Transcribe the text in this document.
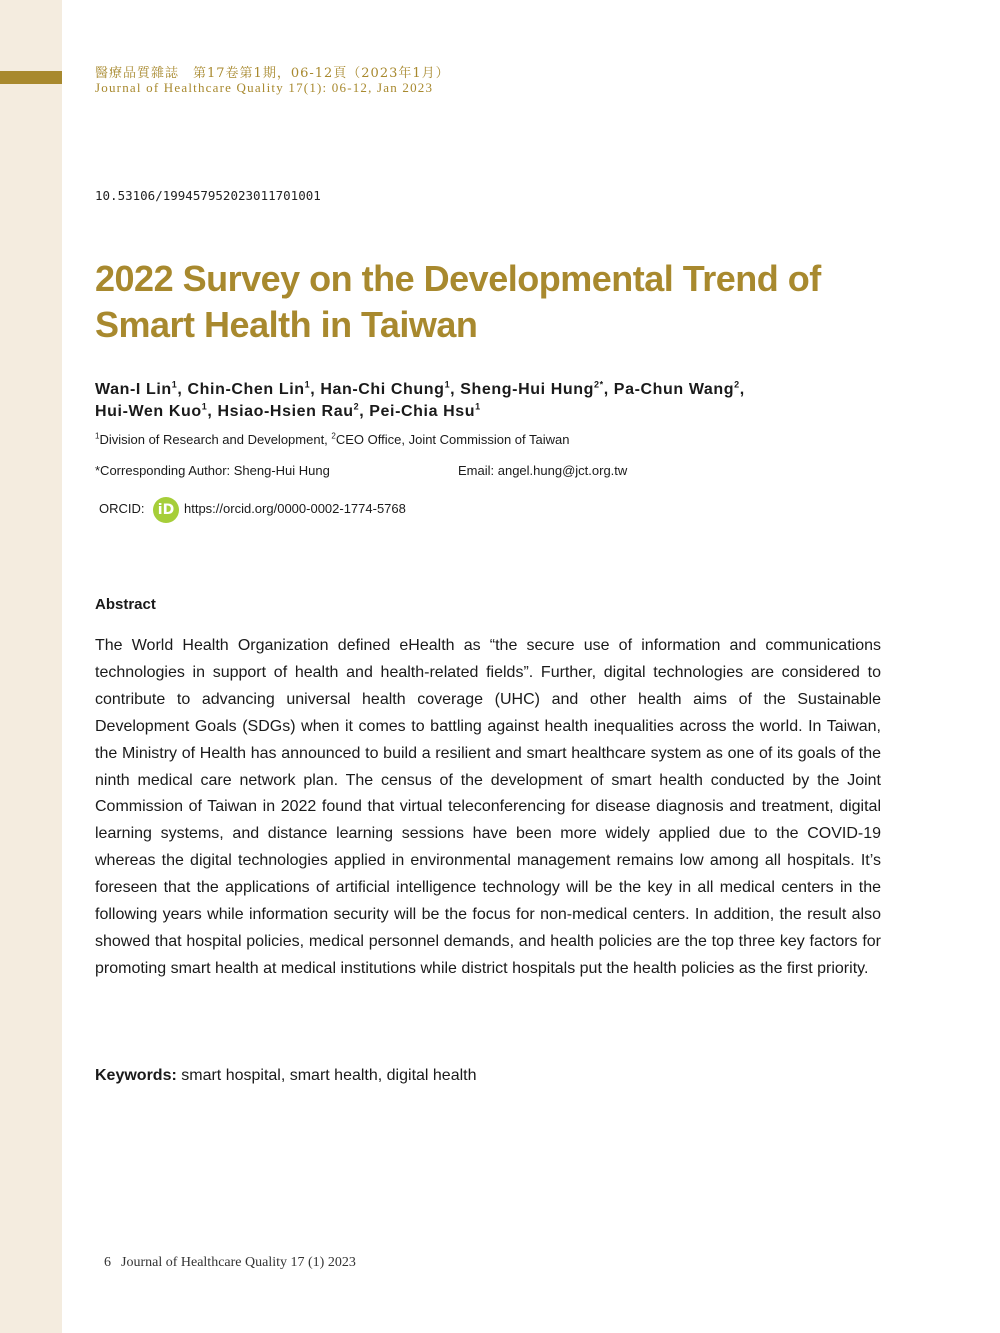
醫療品質雜誌　第17卷第1期，06-12頁（2023年1月）
Journal of Healthcare Quality 17(1): 06-12, Jan 2023
10.53106/199457952023011701001
2022 Survey on the Developmental Trend of
Smart Health in Taiwan
Wan-I Lin$^1$, Chin-Chen Lin$^1$, Han-Chi Chung$^1$, Sheng-Hui Hung$^{2*}$, Pa-Chun Wang$^2$,
Hui-Wen Kuo$^1$, Hsiao-Hsien Rau$^2$, Pei-Chia Hsu$^1$
$^1$Division of Research and Development, $^2$CEO Office, Joint Commission of Taiwan
*Corresponding Author: Sheng-Hui Hung	Email: angel.hung@jct.org.tw
ORCID: iD https://orcid.org/0000-0002-1774-5768
Abstract
The World Health Organization defined eHealth as “the secure use of information and communications technologies in support of health and health-related fields”. Further, digital technologies are considered to contribute to advancing universal health coverage (UHC) and other health aims of the Sustainable Development Goals (SDGs) when it comes to battling against health inequalities across the world. In Taiwan, the Ministry of Health has announced to build a resilient and smart healthcare system as one of its goals of the ninth medical care network plan. The census of the development of smart health conducted by the Joint Commission of Taiwan in 2022 found that virtual teleconferencing for disease diagnosis and treatment, digital learning systems, and distance learning sessions have been more widely applied due to the COVID-19 whereas the digital technologies applied in environmental management remains low among all hospitals. It’s foreseen that the applications of artificial intelligence technology will be the key in all medical centers in the following years while information security will be the focus for non-medical centers. In addition, the result also showed that hospital policies, medical personnel demands, and health policies are the top three key factors for promoting smart health at medical institutions while district hospitals put the health policies as the first priority.
Keywords: smart hospital, smart health, digital health
6 Journal of Healthcare Quality 17 (1) 2023
